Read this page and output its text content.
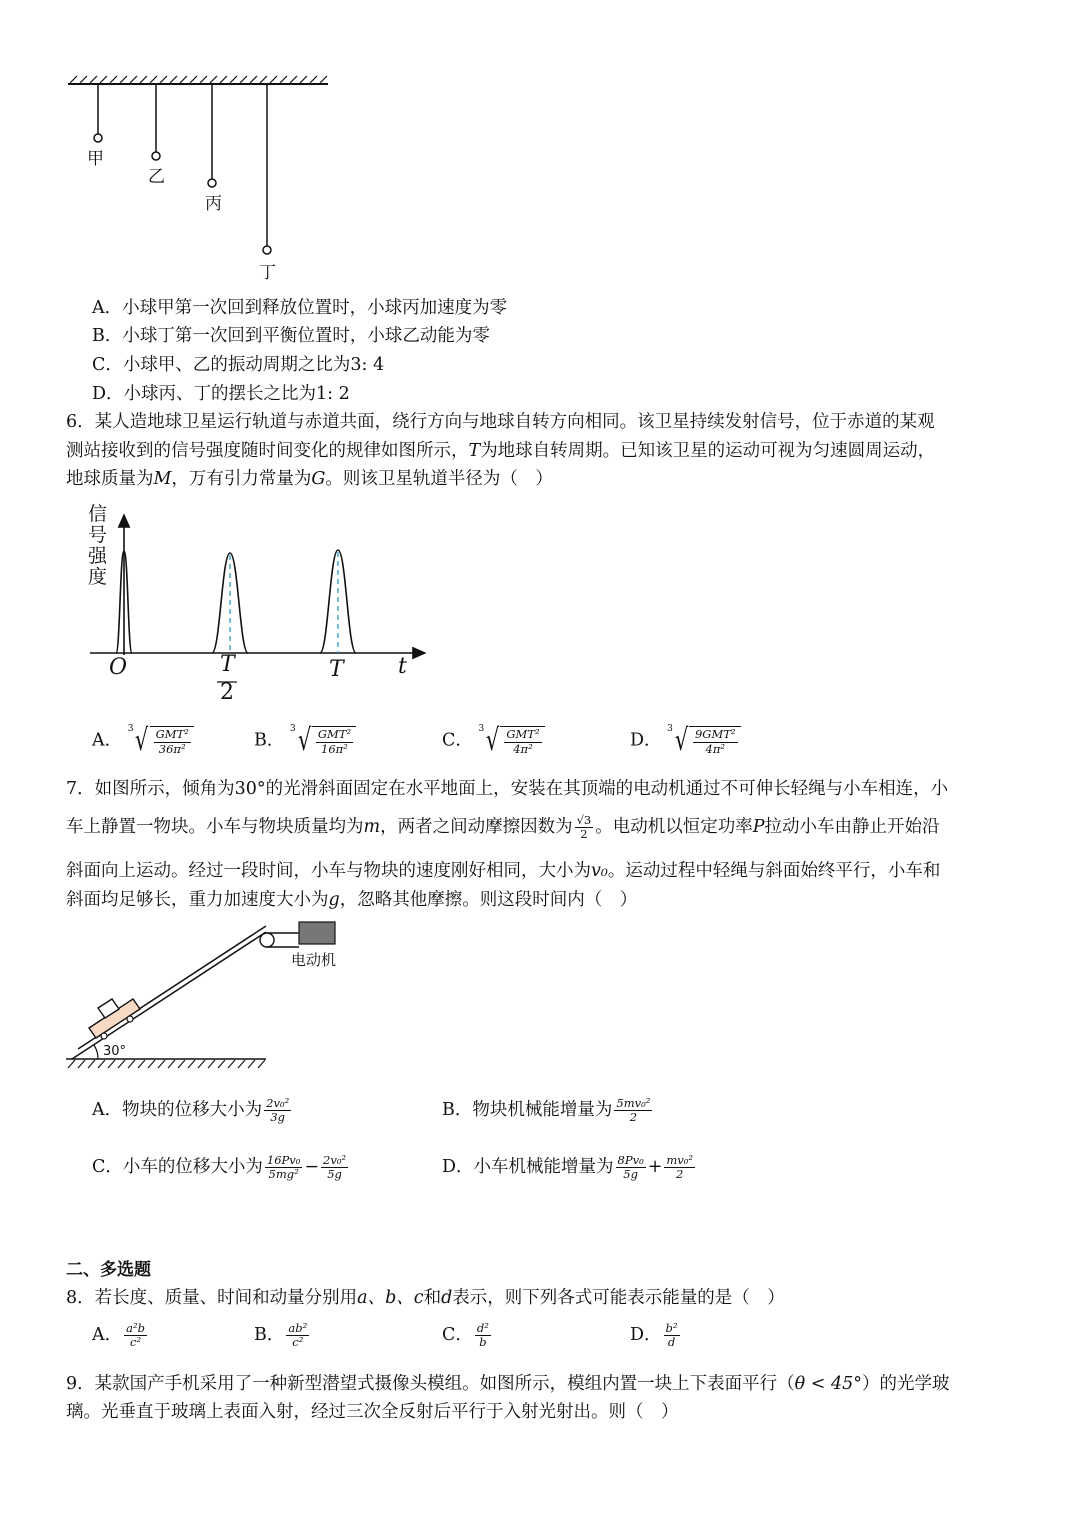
甲
乙
丙
丁
A．小球甲第一次回到释放位置时，小球丙加速度为零
B．小球丁第一次回到平衡位置时，小球乙动能为零
C．小球甲、乙的振动周期之比为3: 4
D．小球丙、丁的摆长之比为1: 2
6．某人造地球卫星运行轨道与赤道共面，绕行方向与地球自转方向相同。该卫星持续发射信号，位于赤道的某观
测站接收到的信号强度随时间变化的规律如图所示，T为地球自转周期。已知该卫星的运动可视为匀速圆周运动，
地球质量为M，万有引力常量为G。则该卫星轨道半径为（　）
信号强度
O	t
T
2
T
A．
3 √ $\frac{\text{GMT²}}{\text{36π²}}$	B．
3 √ $\frac{\text{GMT²}}{\text{16π²}}$	C．
3 √ $\frac{\text{GMT²}}{\text{4π²}}$	D．
3 √ $\frac{\text{9GMT²}}{\text{4π²}}$
7．如图所示，倾角为30°的光滑斜面固定在水平地面上，安装在其顶端的电动机通过不可伸长轻绳与小车相连，小
车上静置一物块。小车与物块质量均为m，两者之间动摩擦因数为 $\frac{√3}{2}$ 。电动机以恒定功率P拉动小车由静止开始沿
斜面向上运动。经过一段时间，小车与物块的速度刚好相同，大小为v₀。运动过程中轻绳与斜面始终平行，小车和
斜面均足够长，重力加速度大小为g，忽略其他摩擦。则这段时间内（　）
电动机
30°
A．物块的位移大小为 $\frac{\text{2v₀²}}{3g}$	B．物块机械能增量为 $\frac{\text{5mv₀²}}{2}$
C．小车的位移大小为 $\frac{\text{16Pv₀}}{\text{5mg²}} - \frac{\text{2v₀²}}{5g}$	D．小车机械能增量为 $\frac{\text{8Pv₀}}{5g} + \frac{\text{mv₀²}}{2}$
二、多选题
8．若长度、质量、时间和动量分别用a、b、c和d表示，则下列各式可能表示能量的是（　）
A． $\frac{\text{a²b}}{\text{c²}}$	B． $\frac{\text{ab²}}{\text{c²}}$	C． $\frac{\text{d²}}{b}$	D． $\frac{\text{b²}}{d}$
9．某款国产手机采用了一种新型潜望式摄像头模组。如图所示，模组内置一块上下表面平行（θ < 45°）的光学玻
璃。光垂直于玻璃上表面入射，经过三次全反射后平行于入射光射出。则（　）
